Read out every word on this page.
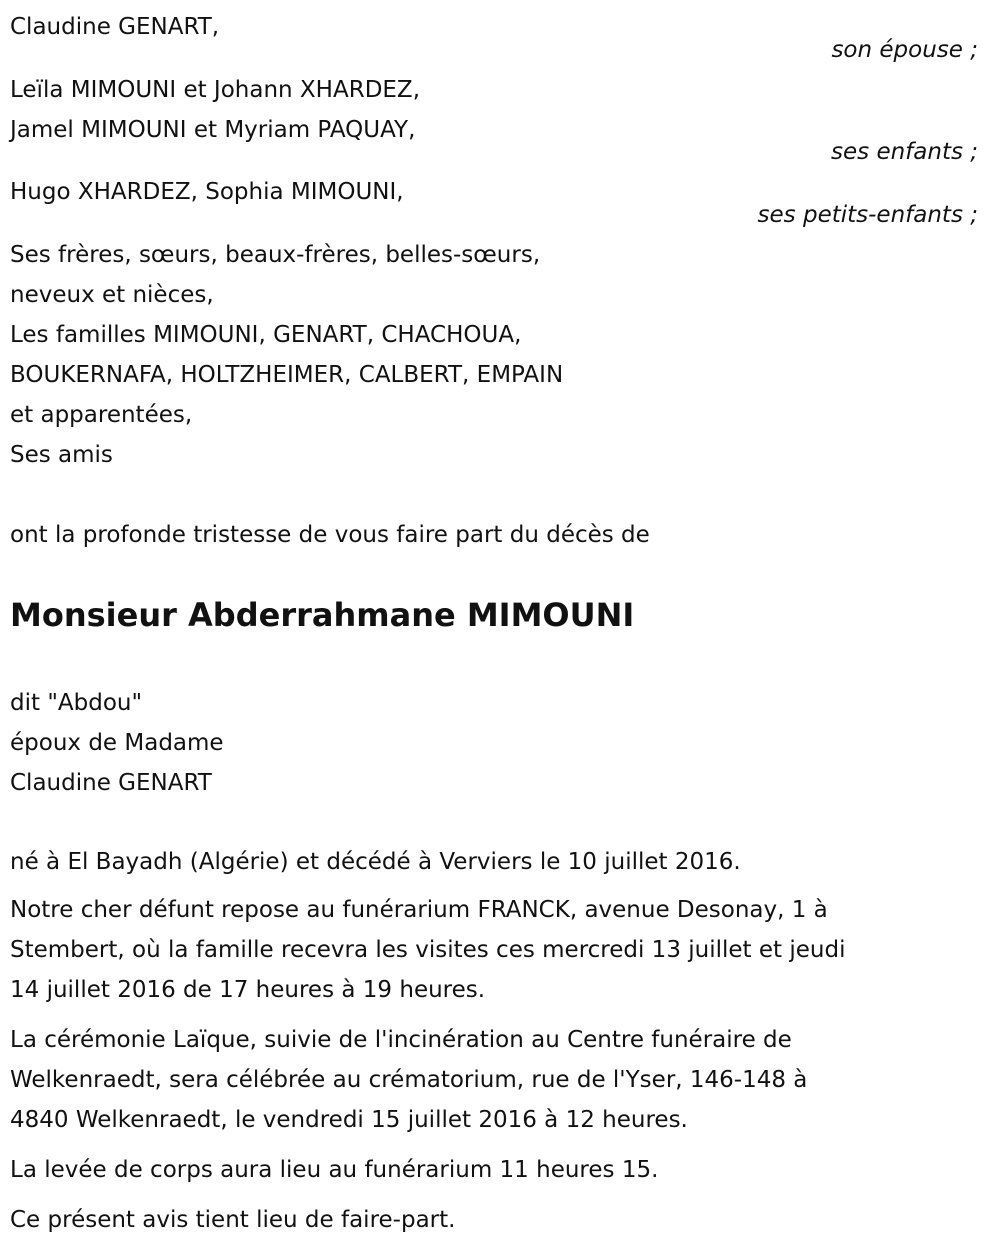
Claudine GENART,
son épouse ;
Leïla MIMOUNI et Johann XHARDEZ,
Jamel MIMOUNI et Myriam PAQUAY,
ses enfants ;
Hugo XHARDEZ, Sophia MIMOUNI,
ses petits-enfants ;
Ses frères, sœurs, beaux-frères, belles-sœurs,
neveux et nièces,
Les familles MIMOUNI, GENART, CHACHOUA,
BOUKERNAFA, HOLTZHEIMER, CALBERT, EMPAIN
et apparentées,
Ses amis
ont la profonde tristesse de vous faire part du décès de
Monsieur Abderrahmane MIMOUNI
dit "Abdou"
époux de Madame
Claudine GENART
né à El Bayadh (Algérie) et décédé à Verviers le 10 juillet 2016.
Notre cher défunt repose au funérarium FRANCK, avenue Desonay, 1 à
Stembert, où la famille recevra les visites ces mercredi 13 juillet et jeudi
14 juillet 2016 de 17 heures à 19 heures.
La cérémonie Laïque, suivie de l'incinération au Centre funéraire de
Welkenraedt, sera célébrée au crématorium, rue de l'Yser, 146-148 à
4840 Welkenraedt, le vendredi 15 juillet 2016 à 12 heures.
La levée de corps aura lieu au funérarium 11 heures 15.
Ce présent avis tient lieu de faire-part.
